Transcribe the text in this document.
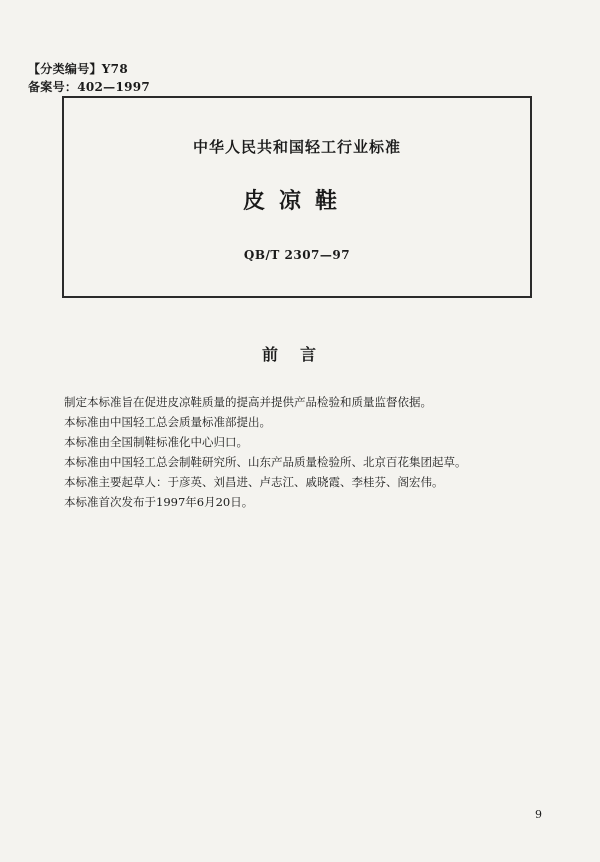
【分类编号】Y78
备案号：402—1997
中华人民共和国轻工行业标准
皮凉鞋
QB/T 2307—97
前言

制定本标准旨在促进皮凉鞋质量的提高并提供产品检验和质量监督依据。

本标准由中国轻工总会质量标准部提出。

本标准由全国制鞋标准化中心归口。

本标准由中国轻工总会制鞋研究所、山东产品质量检验所、北京百花集团起草。

本标准主要起草人：于彦英、刘昌进、卢志江、戚晓霞、李桂芬、阁宏伟。

本标准首次发布于1997年6月20日。

9
